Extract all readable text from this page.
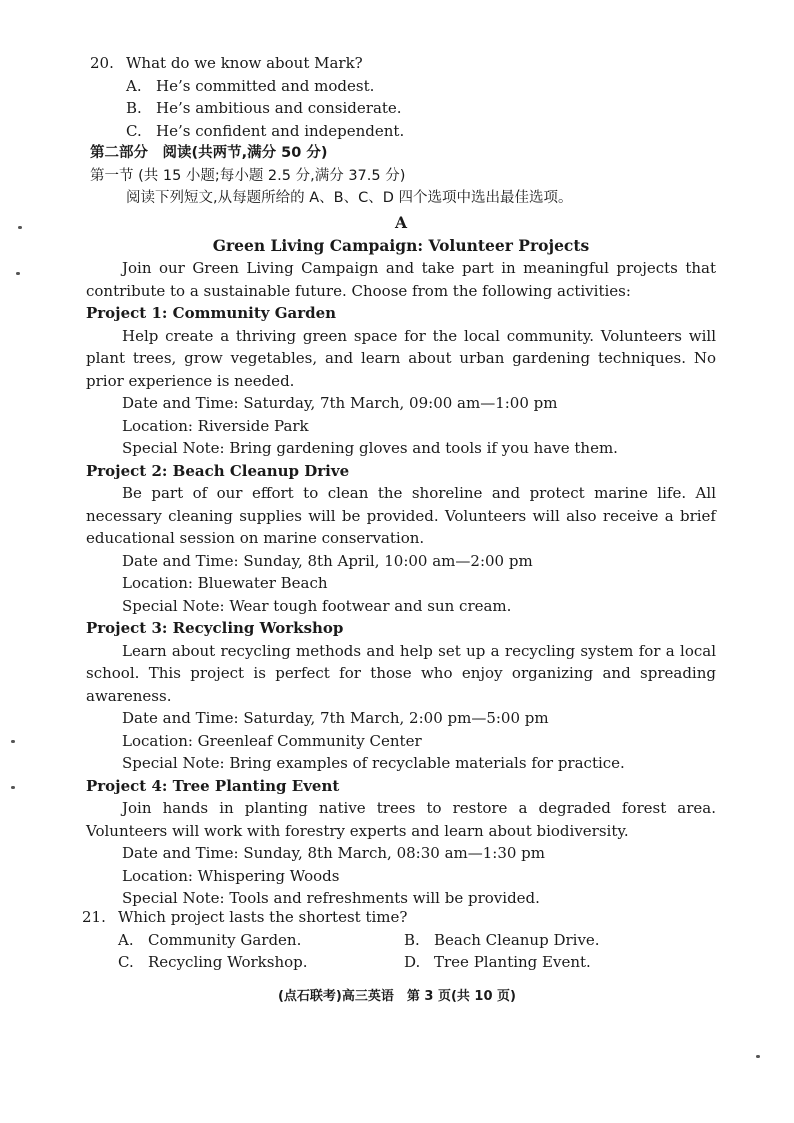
20. What do we know about Mark?
A. He’s committed and modest.
B. He’s ambitious and considerate.
C. He’s confident and independent.
第二部分　阅读(共两节,满分 50 分)
第一节 (共 15 小题;每小题 2.5 分,满分 37.5 分)
阅读下列短文,从每题所给的 A、B、C、D 四个选项中选出最佳选项。
A
Green Living Campaign: Volunteer Projects
Join our Green Living Campaign and take part in meaningful projects that contribute to a sustainable future. Choose from the following activities:
Project 1: Community Garden
Help create a thriving green space for the local community. Volunteers will plant trees, grow vegetables, and learn about urban gardening techniques. No prior experience is needed.
Date and Time: Saturday, 7th March, 09:00 am—1:00 pm
Location: Riverside Park
Special Note: Bring gardening gloves and tools if you have them.
Project 2: Beach Cleanup Drive
Be part of our effort to clean the shoreline and protect marine life. All necessary cleaning supplies will be provided. Volunteers will also receive a brief educational session on marine conservation.
Date and Time: Sunday, 8th April, 10:00 am—2:00 pm
Location: Bluewater Beach
Special Note: Wear tough footwear and sun cream.
Project 3: Recycling Workshop
Learn about recycling methods and help set up a recycling system for a local school. This project is perfect for those who enjoy organizing and spreading awareness.
Date and Time: Saturday, 7th March, 2:00 pm—5:00 pm
Location: Greenleaf Community Center
Special Note: Bring examples of recyclable materials for practice.
Project 4: Tree Planting Event
Join hands in planting native trees to restore a degraded forest area. Volunteers will work with forestry experts and learn about biodiversity.
Date and Time: Sunday, 8th March, 08:30 am—1:30 pm
Location: Whispering Woods
Special Note: Tools and refreshments will be provided.
21. Which project lasts the shortest time?
A. Community Garden.	B. Beach Cleanup Drive.
C. Recycling Workshop.	D. Tree Planting Event.
(点石联考)高三英语　第 3 页(共 10 页)
